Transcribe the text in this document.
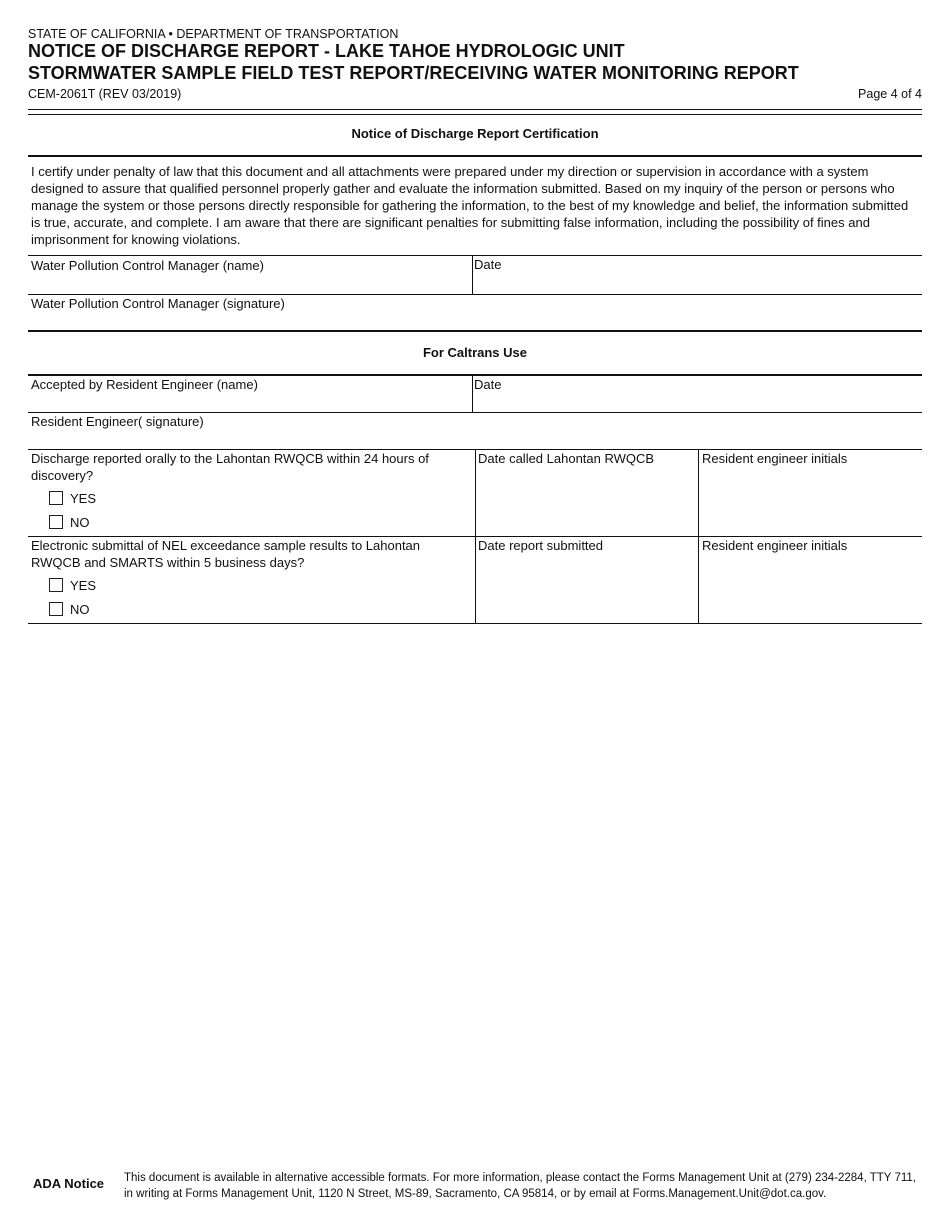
STATE OF CALIFORNIA • DEPARTMENT OF TRANSPORTATION
NOTICE OF DISCHARGE REPORT - LAKE TAHOE HYDROLOGIC UNIT
STORMWATER SAMPLE FIELD TEST REPORT/RECEIVING WATER MONITORING REPORT
CEM-2061T (REV 03/2019)	Page 4 of 4
Notice of Discharge Report Certification
I certify under penalty of law that this document and all attachments were prepared under my direction or supervision in accordance with a system designed to assure that qualified personnel properly gather and evaluate the information submitted. Based on my inquiry of the person or persons who manage the system or those persons directly responsible for gathering the information, to the best of my knowledge and belief, the information submitted is true, accurate, and complete. I am aware that there are significant penalties for submitting false information, including the possibility of fines and imprisonment for knowing violations.
Water Pollution Control Manager (name)	Date
Water Pollution Control Manager (signature)
For Caltrans Use
Accepted by Resident Engineer (name)	Date
Resident Engineer( signature)
Discharge reported orally to the Lahontan RWQCB within 24 hours of discovery?
YES
NO
Date called Lahontan RWQCB	Resident engineer initials
Electronic submittal of NEL exceedance sample results to Lahontan RWQCB and SMARTS within 5 business days?
YES
NO
Date report submitted	Resident engineer initials
ADA Notice This document is available in alternative accessible formats. For more information, please contact the Forms Management Unit at (279) 234-2284, TTY 711, in writing at Forms Management Unit, 1120 N Street, MS-89, Sacramento, CA 95814, or by email at Forms.Management.Unit@dot.ca.gov.
